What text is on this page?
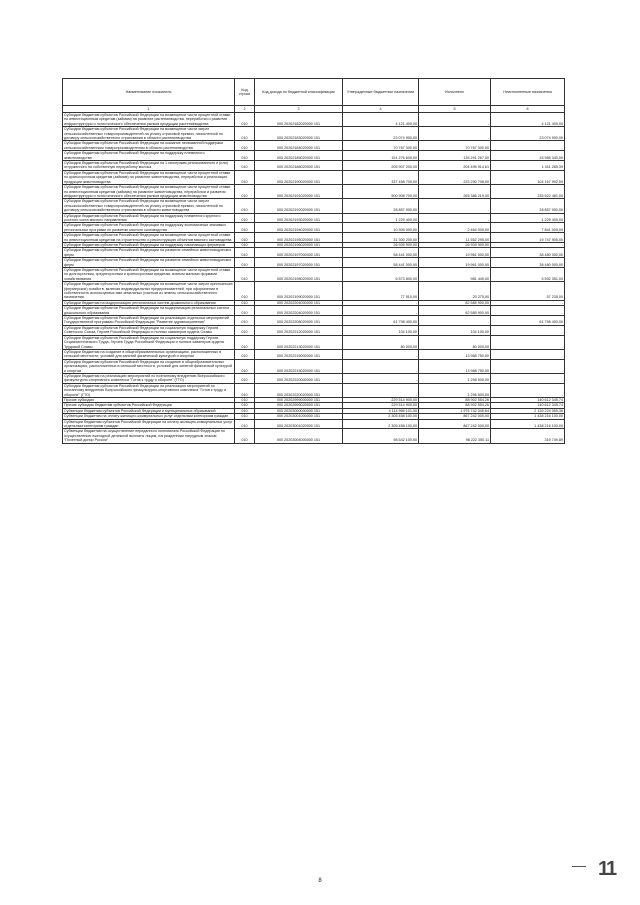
Наименование показателя	Код строки	Код дохода по бюджетной классификации	Утвержденные бюджетные назначения	Исполнено	Неисполненные назначения
1	2	3	4	5	6
Субсидии бюджетам субъектов Российской Федерации на возмещение части процентной ставки по инвестиционным кредитам (займам) на развитие растениеводства, переработки и развития инфраструктуры и логистического обеспечения рынков продукции растениеводства	010	000 20202182020000 151	4 121 400,00	-	4 121 400,00
Субсидии бюджетам субъектов Российской Федерации на возмещение части затрат сельскохозяйственных товаропроизводителей на уплату страховой премии, начисленной по договору сельскохозяйственного страхования в области растениеводства	010	000 20202183020000 151	23 074 900,00	-	23 074 900,00
Субсидии бюджетам субъектов Российской Федерации на оказание несвязанной поддержки сельскохозяйственным товаропроизводителям в области растениеводства	010	000 20202184020000 151	70 767 300,00	70 767 300,00	-
Субсидии бюджетам субъектов Российской Федерации на поддержку племенного животноводства	010	000 20202185020000 151	151 276 600,00	135 291 267,00	15 985 340,00
Субсидии бюджетам субъектов Российской Федерации на 1 килограмм реализованного и (или) отгруженного на собственную переработку молока	010	000 20202186020000 151	205 907 200,00	204 495 914,61	1 411 285,39
Субсидии бюджетам субъектов Российской Федерации на возмещение части процентной ставки по краткосрочным кредитам (займам) на развитие животноводства, переработки и реализации продукции животноводства	010	000 20202190020000 151	337 458 700,00	233 290 708,00	104 167 992,00
Субсидии бюджетам субъектов Российской Федерации на возмещение части процентной ставки по инвестиционным кредитам (займам) на развитие животноводства, переработки и развития инфраструктуры и логистического обеспечения рынков продукции животноводства	010	000 20202191020000 151	500 908 700,00	265 386 219,00	235 522 481,00
Субсидии бюджетам субъектов Российской Федерации на возмещение части затрат сельскохозяйственных товаропроизводителей на уплату страховой премии, начисленной по договору сельскохозяйственного страхования в области животноводства	010	000 20202192020000 151	28 857 000,00	-	28 857 000,00
Субсидии бюджетам субъектов Российской Федерации на поддержку племенного крупного рогатого скота мясного направления	010	000 20202193020000 151	1 229 400,00	-	1 229 400,00
Субсидии бюджетам субъектов Российской Федерации на поддержку экономически значимых региональных программ по развитию мясного скотоводства	010	000 20202194020000 151	10 305 000,00	2 464 000,00	7 841 000,00
Субсидии бюджетам субъектов Российской Федерации на возмещение части процентной ставки по инвестиционным кредитам на строительство и реконструкцию объектов мясного скотоводства	010	000 20202195020000 151	31 300 200,00	11 552 295,00	19 747 905,00
Субсидии бюджетам субъектов Российской Федерации на поддержку начинающих фермеров	010	000 20202196020000 151	26 939 900,00	26 939 900,00	-
Субсидии бюджетам субъектов Российской Федерации на развитие семейных животноводческих ферм	010	000 20202197000000 151	58 441 000,00	19 961 000,00	38 480 000,00
Субсидии бюджетам субъектов Российской Федерации на развитие семейных животноводческих ферм	010	000 20202197020000 151	58 441 000,00	19 961 000,00	38 480 000,00
Субсидии бюджетам субъектов Российской Федерации на возмещение части процентной ставки по долгосрочным, среднесрочным и краткосрочным кредитам, взятым малыми формами хозяйствования	010	000 20202198020000 151	6 573 800,00	981 449,00	5 592 351,00
Субсидии бюджетам субъектов Российской Федерации на возмещение части затрат крестьянских (фермерских) хозяйств, включая индивидуальных предпринимателей, при оформлении в собственность используемых ими земельных участков из земель сельскохозяйственного назначения	010	000 20202199020000 151	77 510,00	20 275,00	57 235,00
Субсидии бюджетам на модернизацию региональных систем дошкольного образования	010	000 20202204000000 151	-	82 585 900,00	-
Субсидии бюджетам субъектов Российской Федерации на модернизацию региональных систем дошкольного образования	010	000 20202204020000 151	-	82 585 900,00	-
Субсидии бюджетам субъектов Российской Федерации на реализацию отдельных мероприятий Государственной программы Российской Федерации "Развитие здравоохранения"	010	000 20202208020000 151	61 798 400,00	-	61 798 400,00
Субсидии бюджетам субъектов Российской Федерации на социальную поддержку Героев Советского Союза, Героев Российской Федерации и полных кавалеров ордена Славы	010	000 20202212020000 151	104 100,00	104 100,00	-
Субсидии бюджетам субъектов Российской Федерации на социальную поддержку Героев Социалистического Труда, Героев Труда Российской Федерации и полных кавалеров ордена Трудовой Славы	010	000 20202213020000 151	80 000,00	80 000,00	-
Субсидии бюджетам на создание в общеобразовательных организациях, расположенных в сельской местности, условий для занятий физической культурой и спортом	010	000 20202215000000 151	-	13 988 750,00	-
Субсидии бюджетам субъектов Российской Федерации на создание в общеобразовательных организациях, расположенных в сельской местности, условий для занятий физической культурой и спортом	010	000 20202215020000 151	-	13 988 750,00	-
Субсидии бюджетам на реализацию мероприятий по поэтапному внедрению Всероссийского физкультурно-спортивного комплекса "Готов к труду и обороне" (ГТО)	010	000 20202220000000 151	-	1 296 500,00	-
Субсидии бюджетам субъектов Российской Федерации на реализацию мероприятий по поэтапному внедрению Всероссийского физкультурно-спортивного комплекса "Готов к труду и обороне" (ГТО)	010	000 20202220020000 151	-	1 296 500,00	-
Прочие субсидии	010	000 20202999000000 151	229 514 900,00	88 902 554,26	140 612 345,74
Прочие субсидии бюджетам субъектов Российской Федерации	010	000 20202999020000 151	229 514 900,00	88 902 554,26	140 612 345,74
Субвенции бюджетам субъектов Российской Федерации и муниципальных образований	010	000 20203000000000 151	4 114 966 101,00	1 975 742 045,64	2 139 224 055,36
Субвенции бюджетам на оплату жилищно-коммунальных услуг отдельным категориям граждан	010	000 20203001000000 151	2 305 458 100,00	867 242 000,00	1 438 216 100,00
Субвенции бюджетам субъектов Российской Федерации на оплату жилищно-коммунальных услуг отдельным категориям граждан	010	000 20203001020000 151	2 305 458 100,00	867 242 000,00	1 438 216 100,00
Субвенции бюджетам на осуществление переданного полномочия Российской Федерации по осуществлению ежегодной денежной выплаты лицам, награжденным нагрудным знаком "Почетный донор России"	010	000 20203004000000 151	98 542 100,00	98 222 350,11	319 749,89
11
8
